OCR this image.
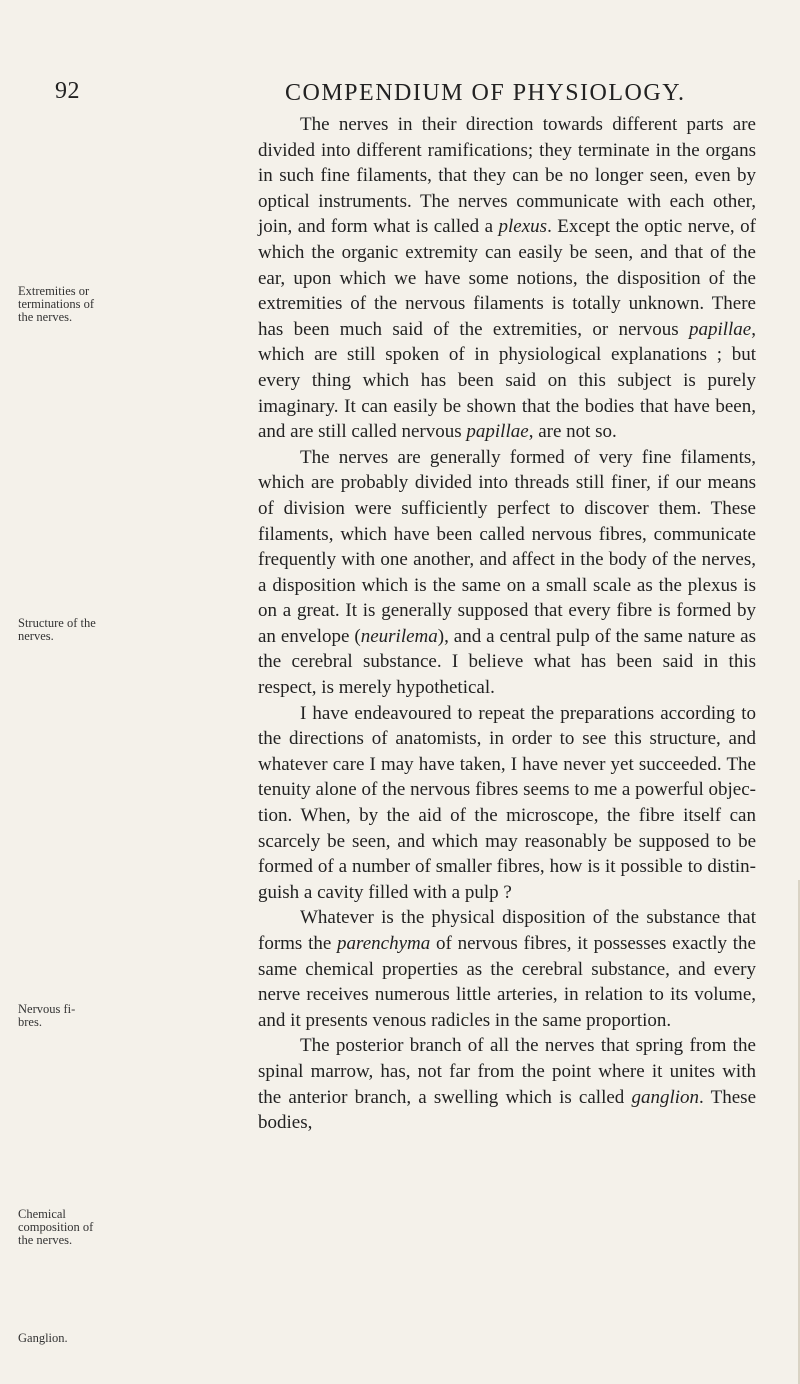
92	COMPENDIUM OF PHYSIOLOGY.
Extremities or terminations of the nerves.
Structure of the nerves.
Nervous fi-bres.
Chemical composition of the nerves.
Ganglion.

The nerves in their direction towards different parts are divided into different ramifications; they terminate in the organs in such fine filaments, that they can be no longer seen, even by optical instruments. The nerves communicate with each other, join, and form what is called a plexus. Except the optic nerve, of which the organic extremity can easily be seen, and that of the ear, upon which we have some notions, the disposition of the extremities of the nervous filaments is totally unknown. There has been much said of the extremities, or nervous papillae, which are still spoken of in physiological explanations ; but every thing which has been said on this subject is purely imaginary. It can easily be shown that the bodies that have been, and are still called nervous papillae, are not so.

The nerves are generally formed of very fine filaments, which are probably divided into threads still finer, if our means of division were sufficiently perfect to discover them. These filaments, which have been called nervous fibres, communicate frequently with one another, and affect in the body of the nerves, a disposition which is the same on a small scale as the plexus is on a great. It is generally supposed that every fibre is formed by an envelope (neurilema), and a central pulp of the same nature as the cerebral substance. I believe what has been said in this respect, is merely hypothetical.

I have endeavoured to repeat the preparations according to the directions of anatomists, in order to see this structure, and whatever care I may have taken, I have never yet succeeded. The tenuity alone of the nervous fibres seems to me a powerful objection. When, by the aid of the microscope, the fibre itself can scarcely be seen, and which may reasonably be supposed to be formed of a number of smaller fibres, how is it possible to distinguish a cavity filled with a pulp ?

Whatever is the physical disposition of the substance that forms the parenchyma of nervous fibres, it possesses exactly the same chemical properties as the cerebral substance, and every nerve receives numerous little arteries, in relation to its volume, and it presents venous radicles in the same proportion.

The posterior branch of all the nerves that spring from the spinal marrow, has, not far from the point where it unites with the anterior branch, a swelling which is called ganglion. These bodies,
